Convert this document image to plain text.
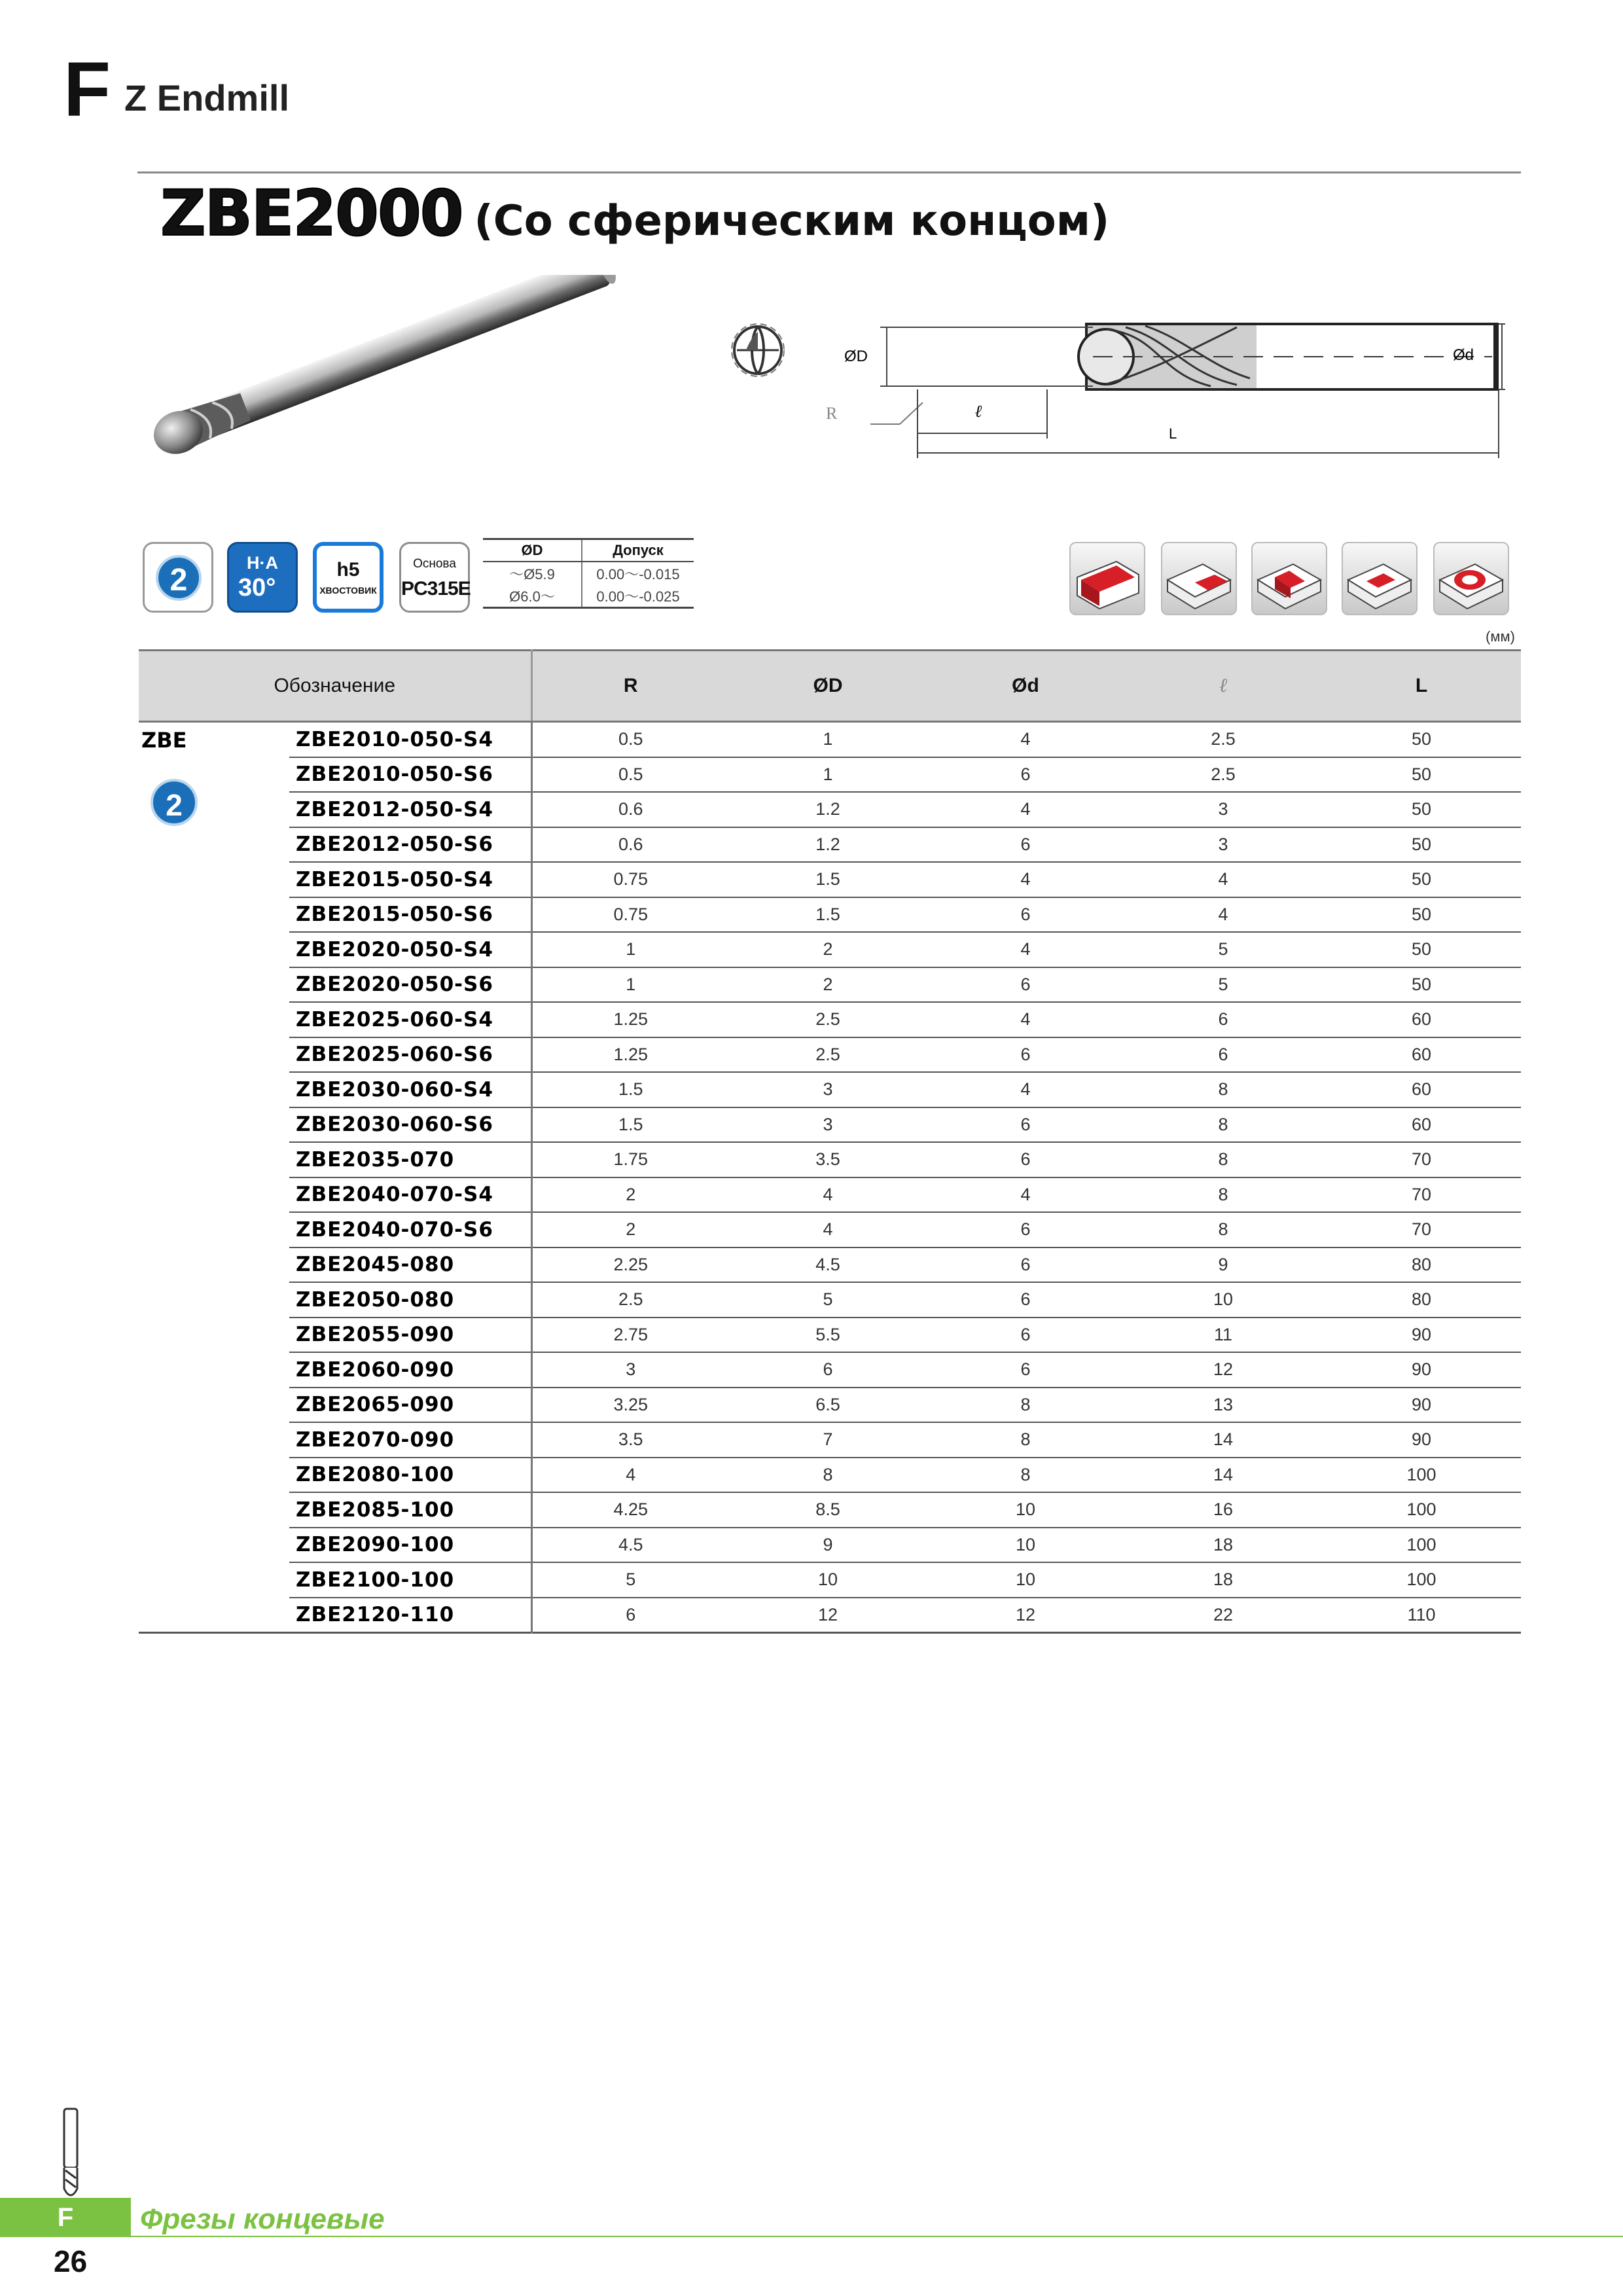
F Z Endmill
ZBE2000 (Со сферическим концом)
ØD	Ød
R	ℓ
L
2	H·A
30°
h5
ХВОСТОВИК
Основа
PC315E
ØD	Допуск
～Ø5.9	0.00～-0.015
Ø6.0～	0.00～-0.025
(мм)
Обозначение		R	ØD	Ød	ℓ	L
ZBE
2	ZBE2010-050-S4	0.5	1	4	2.5	50
	ZBE2010-050-S6	0.5	1	6	2.5	50
	ZBE2012-050-S4	0.6	1.2	4	3	50
	ZBE2012-050-S6	0.6	1.2	6	3	50
	ZBE2015-050-S4	0.75	1.5	4	4	50
	ZBE2015-050-S6	0.75	1.5	6	4	50
	ZBE2020-050-S4	1	2	4	5	50
	ZBE2020-050-S6	1	2	6	5	50
	ZBE2025-060-S4	1.25	2.5	4	6	60
	ZBE2025-060-S6	1.25	2.5	6	6	60
	ZBE2030-060-S4	1.5	3	4	8	60
	ZBE2030-060-S6	1.5	3	6	8	60
	ZBE2035-070	1.75	3.5	6	8	70
	ZBE2040-070-S4	2	4	4	8	70
	ZBE2040-070-S6	2	4	6	8	70
	ZBE2045-080	2.25	4.5	6	9	80
	ZBE2050-080	2.5	5	6	10	80
	ZBE2055-090	2.75	5.5	6	11	90
	ZBE2060-090	3	6	6	12	90
	ZBE2065-090	3.25	6.5	8	13	90
	ZBE2070-090	3.5	7	8	14	90
	ZBE2080-100	4	8	8	14	100
	ZBE2085-100	4.25	8.5	10	16	100
	ZBE2090-100	4.5	9	10	18	100
	ZBE2100-100	5	10	10	18	100
	ZBE2120-110	6	12	12	22	110
F	Фрезы концевые
26
